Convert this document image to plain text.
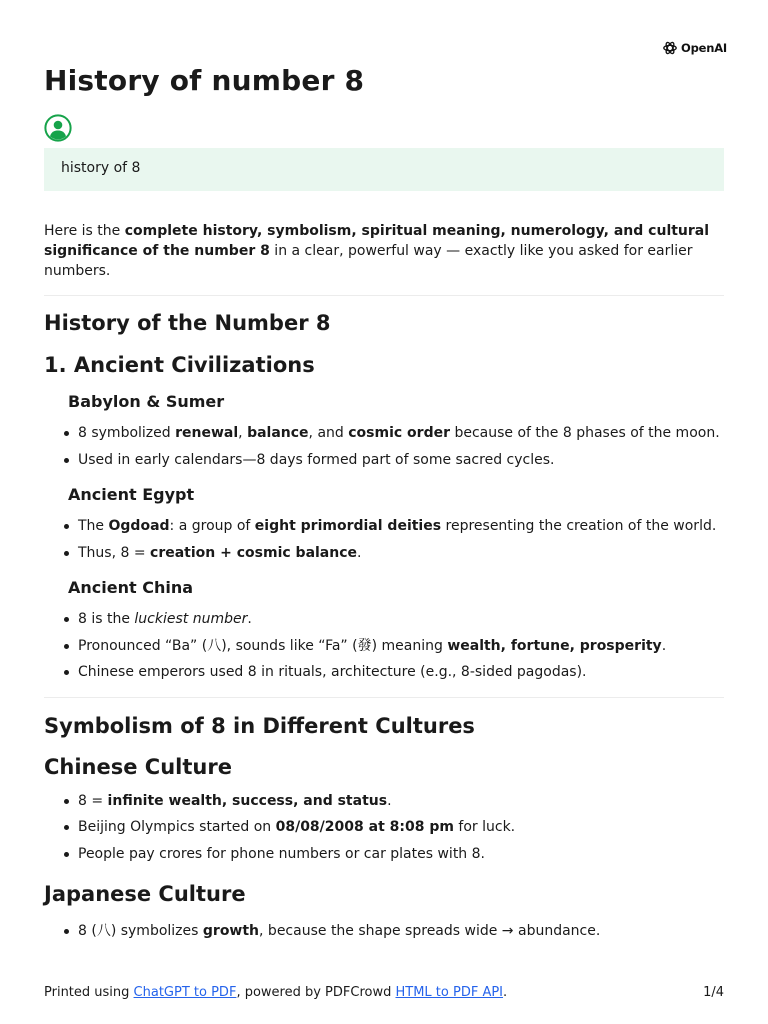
OpenAI
History of number 8
history of 8

Here is the complete history, symbolism, spiritual meaning, numerology, and cultural significance of the number 8 in a clear, powerful way — exactly like you asked for earlier numbers.

History of the Number 8
1. Ancient Civilizations
Babylon & Sumer
8 symbolized renewal, balance, and cosmic order because of the 8 phases of the moon.
Used in early calendars—8 days formed part of some sacred cycles.
Ancient Egypt
The Ogdoad: a group of eight primordial deities representing the creation of the world.
Thus, 8 = creation + cosmic balance.
Ancient China
8 is the luckiest number.
Pronounced “Ba” (八), sounds like “Fa” (發) meaning wealth, fortune, prosperity.
Chinese emperors used 8 in rituals, architecture (e.g., 8-sided pagodas).
Symbolism of 8 in Different Cultures
Chinese Culture
8 = infinite wealth, success, and status.
Beijing Olympics started on 08/08/2008 at 8:08 pm for luck.
People pay crores for phone numbers or car plates with 8.
Japanese Culture
8 (八) symbolizes growth, because the shape spreads wide → abundance.
Printed using ChatGPT to PDF, powered by PDFCrowd HTML to PDF API.	1/4
